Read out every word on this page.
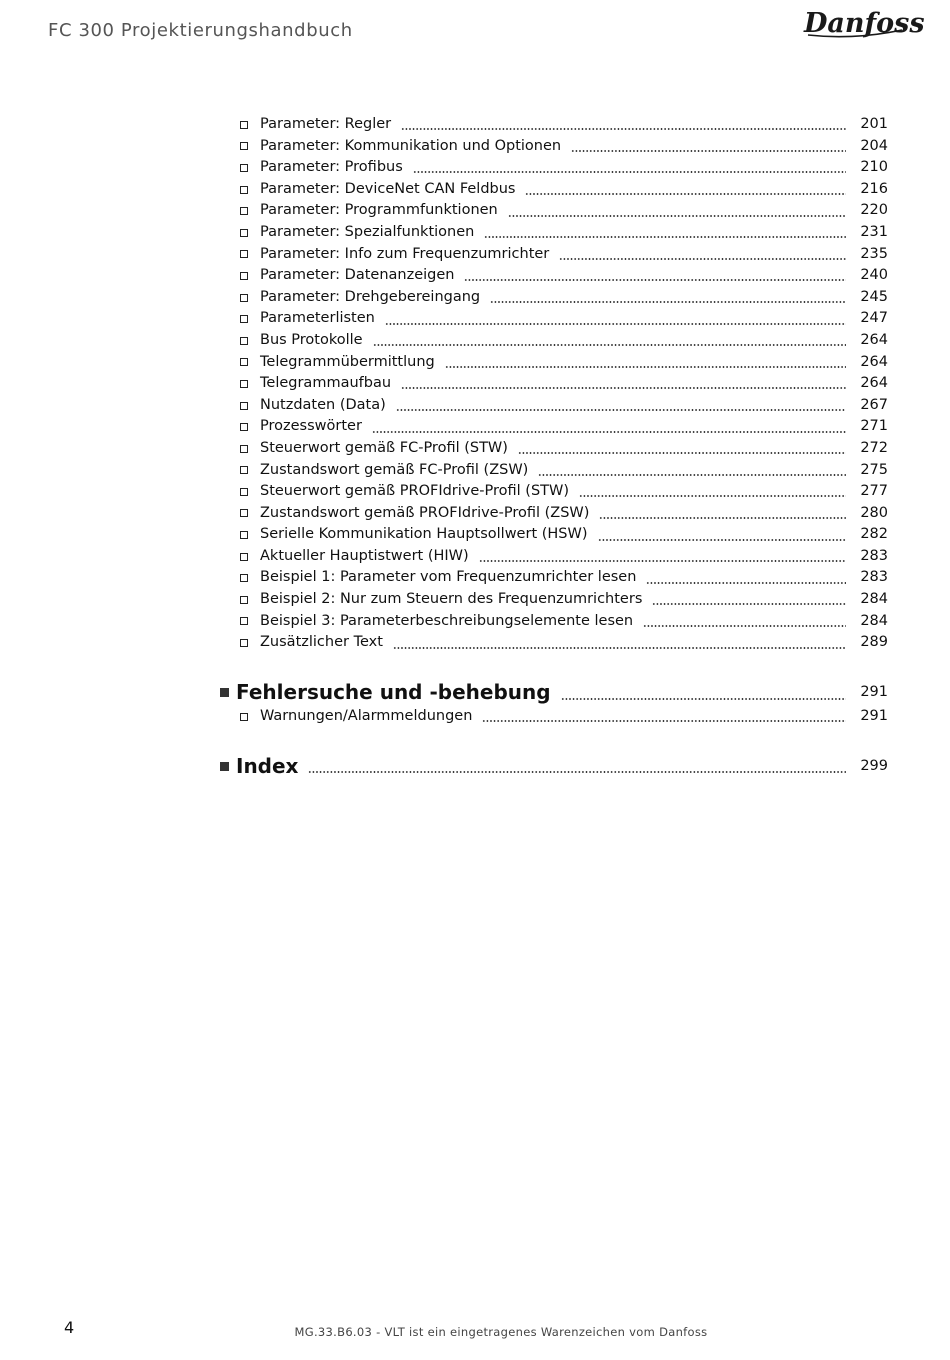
FC 300 Projektierungshandbuch	Danfoss
Parameter: Regler	201
Parameter: Kommunikation und Optionen	204
Parameter: Profibus	210
Parameter: DeviceNet CAN Feldbus	216
Parameter: Programmfunktionen	220
Parameter: Spezialfunktionen	231
Parameter: Info zum Frequenzumrichter	235
Parameter: Datenanzeigen	240
Parameter: Drehgebereingang	245
Parameterlisten	247
Bus Protokolle	264
Telegrammübermittlung	264
Telegrammaufbau	264
Nutzdaten (Data)	267
Prozesswörter	271
Steuerwort gemäß FC-Profil (STW)	272
Zustandswort gemäß FC-Profil (ZSW)	275
Steuerwort gemäß PROFIdrive-Profil (STW)	277
Zustandswort gemäß PROFIdrive-Profil (ZSW)	280
Serielle Kommunikation Hauptsollwert (HSW)	282
Aktueller Hauptistwert (HIW)	283
Beispiel 1: Parameter vom Frequenzumrichter lesen	283
Beispiel 2: Nur zum Steuern des Frequenzumrichters	284
Beispiel 3: Parameterbeschreibungselemente lesen	284
Zusätzlicher Text	289
Fehlersuche und -behebung	291
Warnungen/Alarmmeldungen	291
Index	299
4	MG.33.B6.03 - VLT ist ein eingetragenes Warenzeichen vom Danfoss
